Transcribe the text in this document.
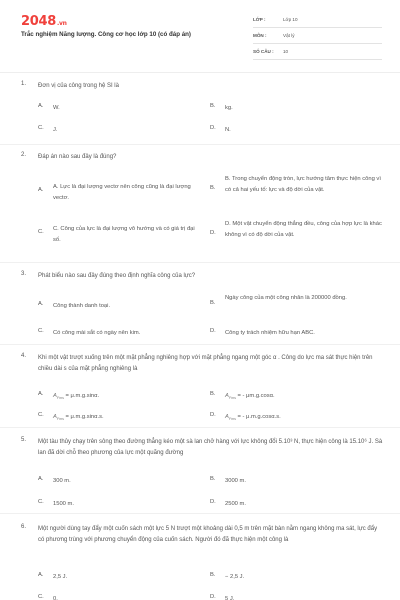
2048.vn
Trắc nghiệm Năng lượng. Công cơ học lớp 10 (có đáp án)
LỚP :	Lớp 10
MÔN :	Vật lý
SỐ CÂU : 10
1. Đơn vị của công trong hệ SI là
A. W.	B. kg.
C. J.	D. N.
2. Đáp án nào sau đây là đúng?
A. A. Lực là đại lượng vectơ nên công cũng là đại lượng vectơ.
B.
B. Trong chuyển động tròn, lực hướng tâm thực hiện công vì có cả hai yếu tố: lực và độ dời của vật.
C. C. Công của lực là đại lượng vô hướng và có giá trị đại số.
D.
D. Một vật chuyển động thẳng đều, công của hợp lực là khác không vì có độ dời của vật.
3. Phát biểu nào sau đây đúng theo định nghĩa công của lực?
A. Công thành danh toại.	B.
Ngày công của một công nhân là 200000 đồng.
C. Có công mài sắt có ngày nên kim.	D. Công ty trách nhiệm hữu hạn ABC.
4. Khi một vật trượt xuống trên một mặt phẳng nghiêng hợp với mặt phẳng ngang một góc α . Công do lực ma sát thực hiện trên chiều dài s của mặt phẳng nghiêng là
A. $A_{Fms} = \mu.m.g.\sin\alpha$.	B. $A_{Fms}$ = - μm.g.cosα.
C. $A_{Fms} = \mu.m.g.\sin\alpha.s$.	D. $A_{Fms}$ = - μ.m.g.cosα.s.
5. Một tàu thủy chạy trên sông theo đường thẳng kéo một sà lan chở hàng với lực không đổi 5.10³ N, thực hiện công là 15.10⁶ J. Sà lan đã dời chỗ theo phương của lực một quãng đường
A. 300 m.	B. 3000 m.
C. 1500 m.	D. 2500 m.
6. Một người dùng tay đẩy một cuốn sách một lực 5 N trượt một khoảng dài 0,5 m trên mặt bàn nằm ngang không ma sát, lực đẩy có phương trùng với phương chuyển động của cuốn sách. Người đó đã thực hiện một công là
A. 2,5 J.	B. − 2,5 J.
C. 0.	D. 5 J.
